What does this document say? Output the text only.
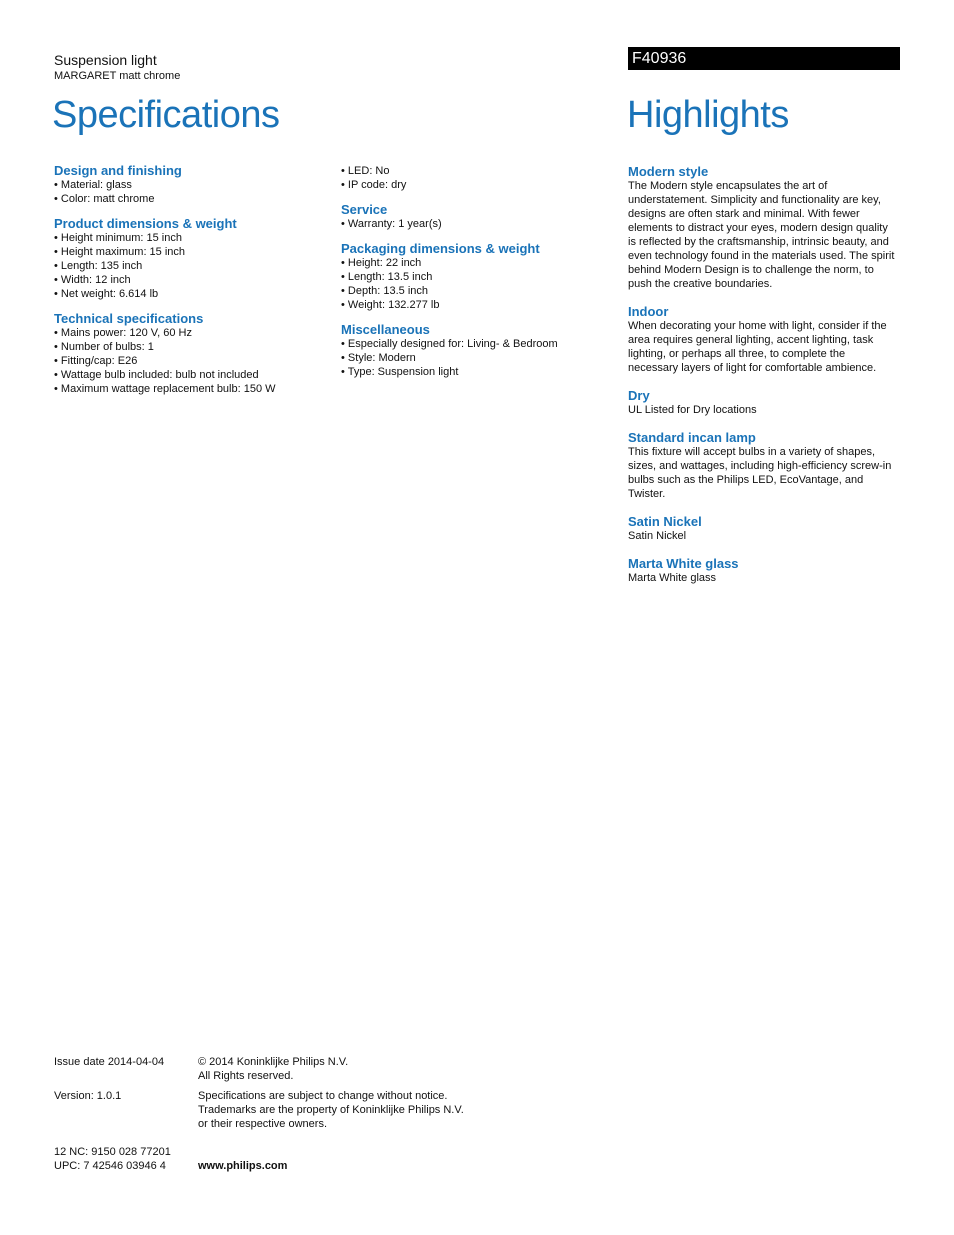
Suspension light
MARGARET matt chrome
F40936
Specifications	Highlights
Design and finishing
• Material: glass
• Color: matt chrome
Product dimensions & weight
• Height minimum: 15 inch
• Height maximum: 15 inch
• Length: 135 inch
• Width: 12 inch
• Net weight: 6.614 lb
Technical specifications
• Mains power: 120 V, 60 Hz
• Number of bulbs: 1
• Fitting/cap: E26
• Wattage bulb included: bulb not included
• Maximum wattage replacement bulb: 150 W
• LED: No
• IP code: dry
Service
• Warranty: 1 year(s)
Packaging dimensions & weight
• Height: 22 inch
• Length: 13.5 inch
• Depth: 13.5 inch
• Weight: 132.277 lb
Miscellaneous
• Especially designed for: Living- & Bedroom
• Style: Modern
• Type: Suspension light
Modern style

The Modern style encapsulates the art of
understatement. Simplicity and functionality are key,
designs are often stark and minimal. With fewer
elements to distract your eyes, modern design quality
is reflected by the craftsmanship, intrinsic beauty, and
even technology found in the materials used. The spirit
behind Modern Design is to challenge the norm, to
push the creative boundaries.

Indoor

When decorating your home with light, consider if the
area requires general lighting, accent lighting, task
lighting, or perhaps all three, to complete the
necessary layers of light for comfortable ambience.

Dry

UL Listed for Dry locations

Standard incan lamp

This fixture will accept bulbs in a variety of shapes,
sizes, and wattages, including high-efficiency screw-in
bulbs such as the Philips LED, EcoVantage, and
Twister.

Satin Nickel

Satin Nickel

Marta White glass

Marta White glass

Issue date 2014-04-04	© 2014 Koninklijke Philips N.V.
All Rights reserved.
Version: 1.0.1	Specifications are subject to change without notice.
Trademarks are the property of Koninklijke Philips N.V.
or their respective owners.
12 NC: 9150 028 77201
UPC: 7 42546 03946 4	www.philips.com
